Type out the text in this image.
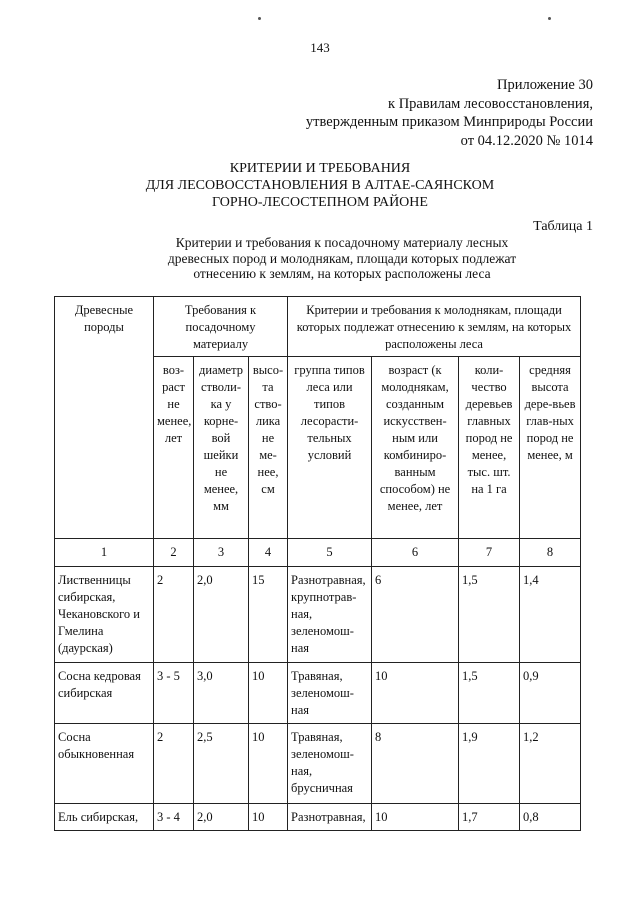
143
Приложение 30
к Правилам лесовосстановления,
утвержденным приказом Минприроды России
от 04.12.2020 № 1014
КРИТЕРИИ И ТРЕБОВАНИЯ
ДЛЯ ЛЕСОВОССТАНОВЛЕНИЯ В АЛТАЕ-САЯНСКОМ
ГОРНО-ЛЕСОСТЕПНОМ РАЙОНЕ
Таблица 1
Критерии и требования к посадочному материалу лесных
древесных пород и молоднякам, площади которых подлежат
отнесению к землям, на которых расположены леса
Древесные породы	Требования к посадочному материалу			Критерии и требования к молоднякам, площади которых подлежат отнесению к землям, на которых расположены леса			
	воз-раст не менее, лет	диаметр стволи-ка у корне-вой шейки не менее, мм	высо-та ство-лика не ме-нее, см	группа типов леса или типов лесорасти-тельных условий	возраст (к молоднякам, созданным искусствен-ным или комбиниро-ванным способом) не менее, лет	коли-чество деревьев главных пород не менее, тыс. шт. на 1 га	средняя высота дере-вьев глав-ных пород не менее, м
1	2	3	4	5	6	7	8
Лиственницы сибирская, Чекановского и Гмелина (даурская)	2	2,0	15	Разнотравная, крупнотрав-ная, зеленомош-ная	6	1,5	1,4
Сосна кедровая сибирская	3 - 5	3,0	10	Травяная, зеленомош-ная	10	1,5	0,9
Сосна обыкновенная	2	2,5	10	Травяная, зеленомош-ная, брусничная	8	1,9	1,2
Ель сибирская,	3 - 4	2,0	10	Разнотравная,	10	1,7	0,8
